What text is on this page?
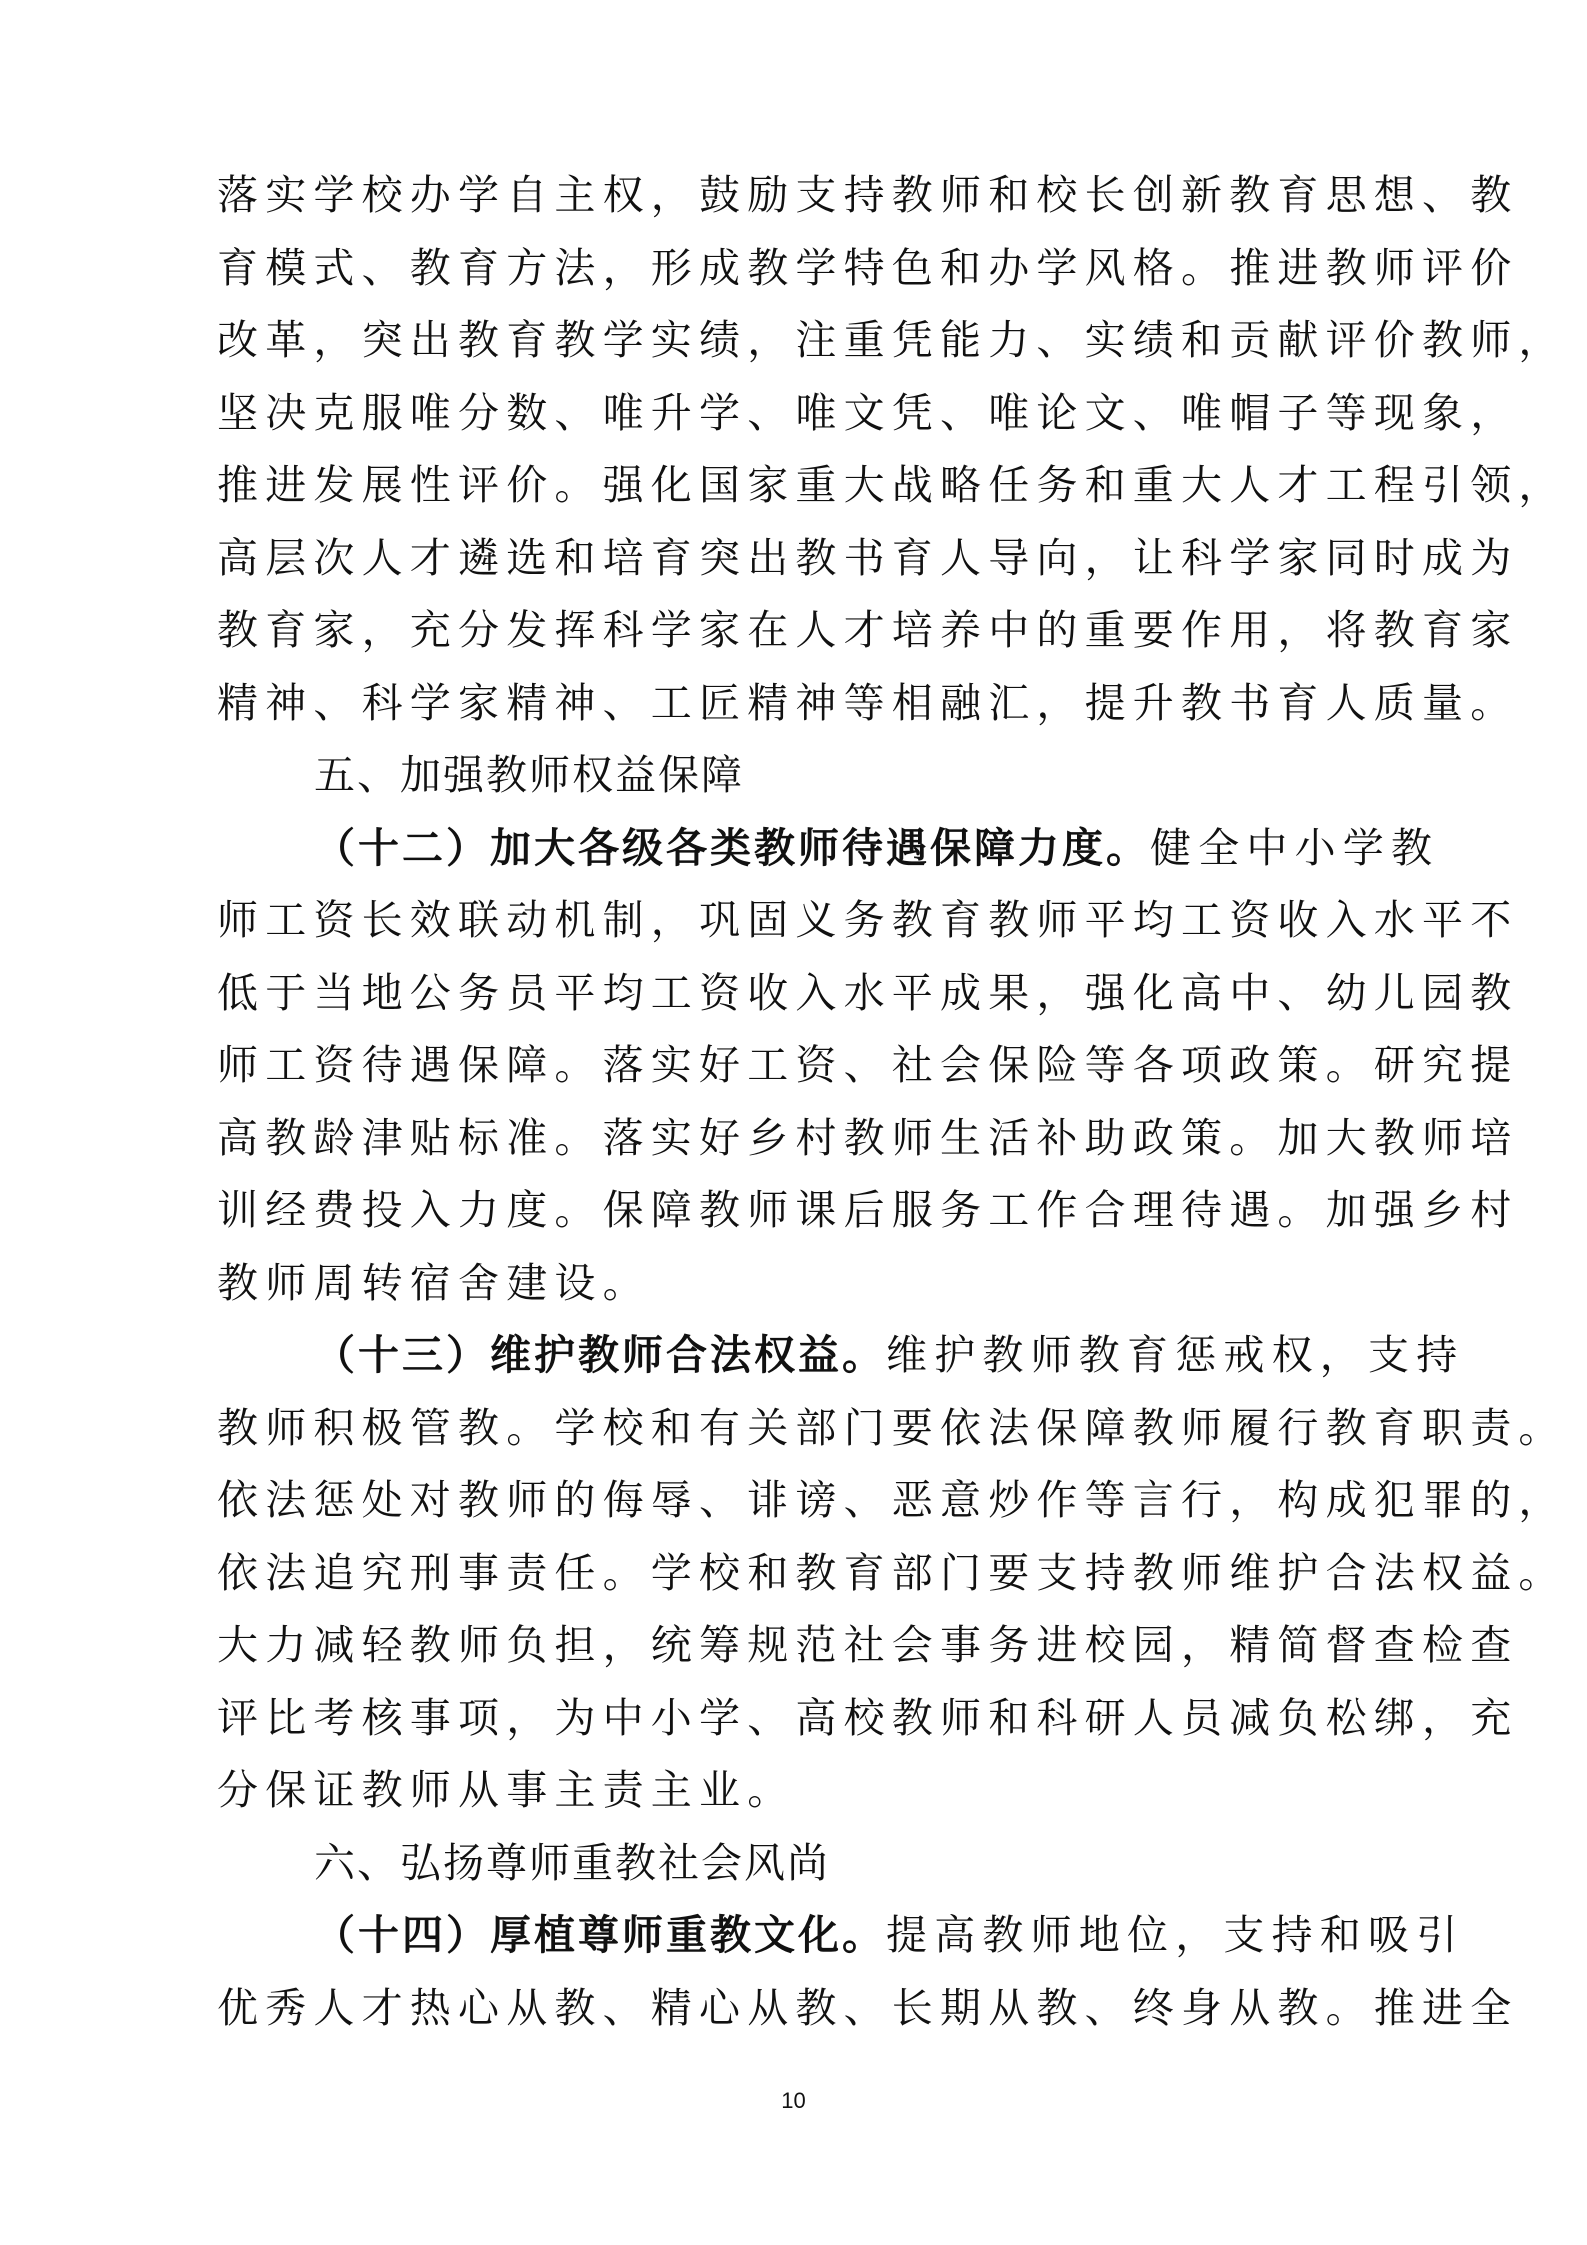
落实学校办学自主权，鼓励支持教师和校长创新教育思想、教
育模式、教育方法，形成教学特色和办学风格。推进教师评价
改革，突出教育教学实绩，注重凭能力、实绩和贡献评价教师，
坚决克服唯分数、唯升学、唯文凭、唯论文、唯帽子等现象，
推进发展性评价。强化国家重大战略任务和重大人才工程引领，
高层次人才遴选和培育突出教书育人导向，让科学家同时成为
教育家，充分发挥科学家在人才培养中的重要作用，将教育家
精神、科学家精神、工匠精神等相融汇，提升教书育人质量。
五、加强教师权益保障
（十二）加大各级各类教师待遇保障力度。健全中小学教
师工资长效联动机制，巩固义务教育教师平均工资收入水平不
低于当地公务员平均工资收入水平成果，强化高中、幼儿园教
师工资待遇保障。落实好工资、社会保险等各项政策。研究提
高教龄津贴标准。落实好乡村教师生活补助政策。加大教师培
训经费投入力度。保障教师课后服务工作合理待遇。加强乡村
教师周转宿舍建设。
（十三）维护教师合法权益。维护教师教育惩戒权，支持
教师积极管教。学校和有关部门要依法保障教师履行教育职责。
依法惩处对教师的侮辱、诽谤、恶意炒作等言行，构成犯罪的，
依法追究刑事责任。学校和教育部门要支持教师维护合法权益。
大力减轻教师负担，统筹规范社会事务进校园，精简督查检查
评比考核事项，为中小学、高校教师和科研人员减负松绑，充
分保证教师从事主责主业。
六、弘扬尊师重教社会风尚
（十四）厚植尊师重教文化。提高教师地位，支持和吸引
优秀人才热心从教、精心从教、长期从教、终身从教。推进全
10
